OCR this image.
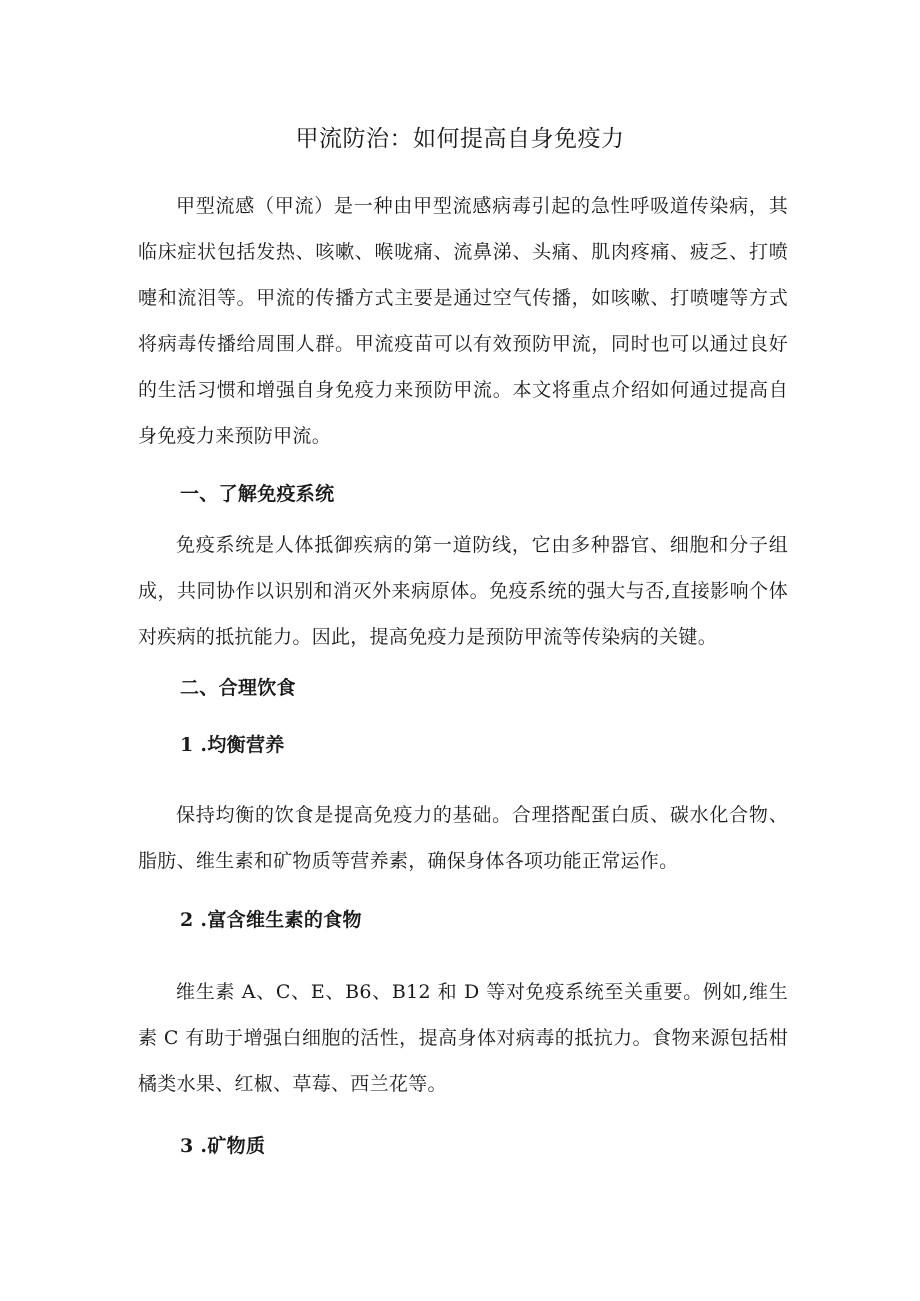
甲流防治：如何提高自身免疫力

甲型流感（甲流）是一种由甲型流感病毒引起的急性呼吸道传染病，其临床症状包括发热、咳嗽、喉咙痛、流鼻涕、头痛、肌肉疼痛、疲乏、打喷嚏和流泪等。甲流的传播方式主要是通过空气传播，如咳嗽、打喷嚏等方式将病毒传播给周围人群。甲流疫苗可以有效预防甲流，同时也可以通过良好的生活习惯和增强自身免疫力来预防甲流。本文将重点介绍如何通过提高自身免疫力来预防甲流。

一、了解免疫系统

免疫系统是人体抵御疾病的第一道防线，它由多种器官、细胞和分子组成，共同协作以识别和消灭外来病原体。免疫系统的强大与否,直接影响个体对疾病的抵抗能力。因此，提高免疫力是预防甲流等传染病的关键。

二、合理饮食
1 .均衡营养

保持均衡的饮食是提高免疫力的基础。合理搭配蛋白质、碳水化合物、脂肪、维生素和矿物质等营养素，确保身体各项功能正常运作。

2 .富含维生素的食物

维生素 A、C、E、B6、B12 和 D 等对免疫系统至关重要。例如,维生素 C 有助于增强白细胞的活性，提高身体对病毒的抵抗力。食物来源包括柑橘类水果、红椒、草莓、西兰花等。

3 .矿物质
